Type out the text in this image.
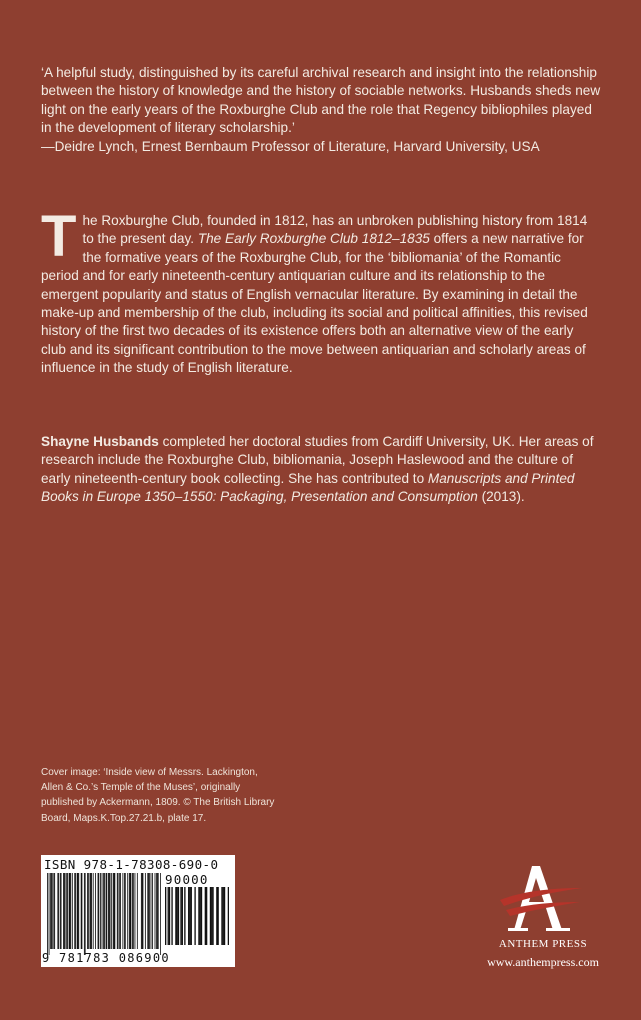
‘A helpful study, distinguished by its careful archival research and insight into the relationship between the history of knowledge and the history of sociable networks. Husbands sheds new light on the early years of the Roxburghe Club and the role that Regency bibliophiles played in the development of literary scholarship.’
—Deidre Lynch, Ernest Bernbaum Professor of Literature, Harvard University, USA
The Roxburghe Club, founded in 1812, has an unbroken publishing history from 1814 to the present day. The Early Roxburghe Club 1812–1835 offers a new narrative for the formative years of the Roxburghe Club, for the ‘bibliomania’ of the Romantic period and for early nineteenth-century antiquarian culture and its relationship to the emergent popularity and status of English vernacular literature. By examining in detail the make-up and membership of the club, including its social and political affinities, this revised history of the first two decades of its existence offers both an alternative view of the early club and its significant contribution to the move between antiquarian and scholarly areas of influence in the study of English literature.
Shayne Husbands completed her doctoral studies from Cardiff University, UK. Her areas of research include the Roxburghe Club, bibliomania, Joseph Haslewood and the culture of early nineteenth-century book collecting. She has contributed to Manuscripts and Printed Books in Europe 1350–1550: Packaging, Presentation and Consumption (2013).
Cover image: ‘Inside view of Messrs. Lackington, Allen & Co.’s Temple of the Muses’, originally published by Ackermann, 1809. © The British Library Board, Maps.K.Top.27.21.b, plate 17.
ISBN 978-1-78308-690-0
90000
9 781783 086900
ANTHEM PRESS
www.anthempress.com
